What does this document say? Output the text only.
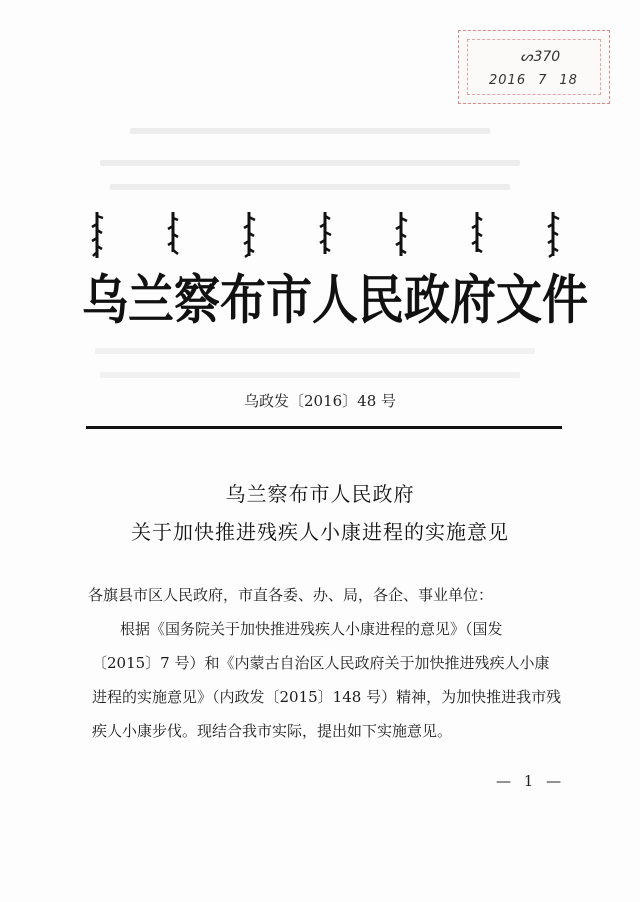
ᔕ370
2016 7 18
乌兰察布市人民政府文件
乌政发〔2016〕48 号
乌兰察布市人民政府
关于加快推进残疾人小康进程的实施意见
各旗县市区人民政府，市直各委、办、局，各企、事业单位：
根据《国务院关于加快推进残疾人小康进程的意见》（国发
〔2015〕7 号）和《内蒙古自治区人民政府关于加快推进残疾人小康
进程的实施意见》（内政发〔2015〕148 号）精神，为加快推进我市残
疾人小康步伐。现结合我市实际，提出如下实施意见。
— 1 —
